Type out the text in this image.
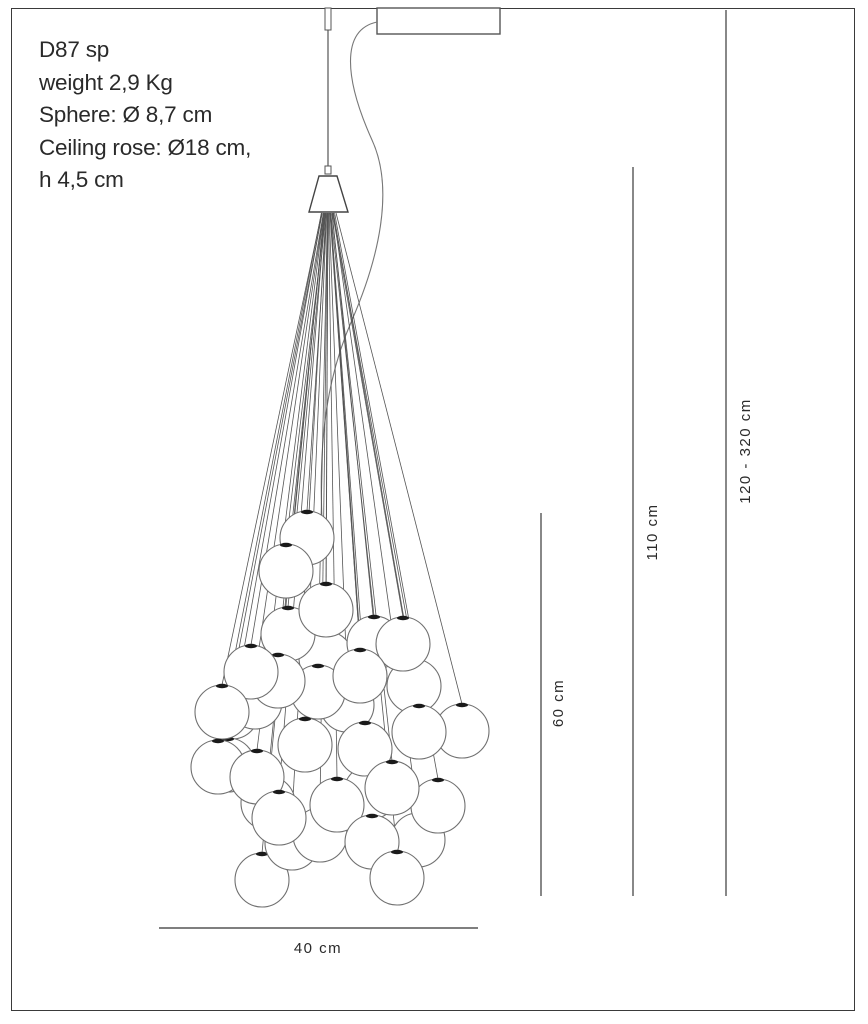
D87 sp
weight 2,9 Kg
Sphere: Ø 8,7 cm
Ceiling rose: Ø18 cm,
h 4,5 cm
40 cm
60 cm
110 cm
120 - 320 cm
